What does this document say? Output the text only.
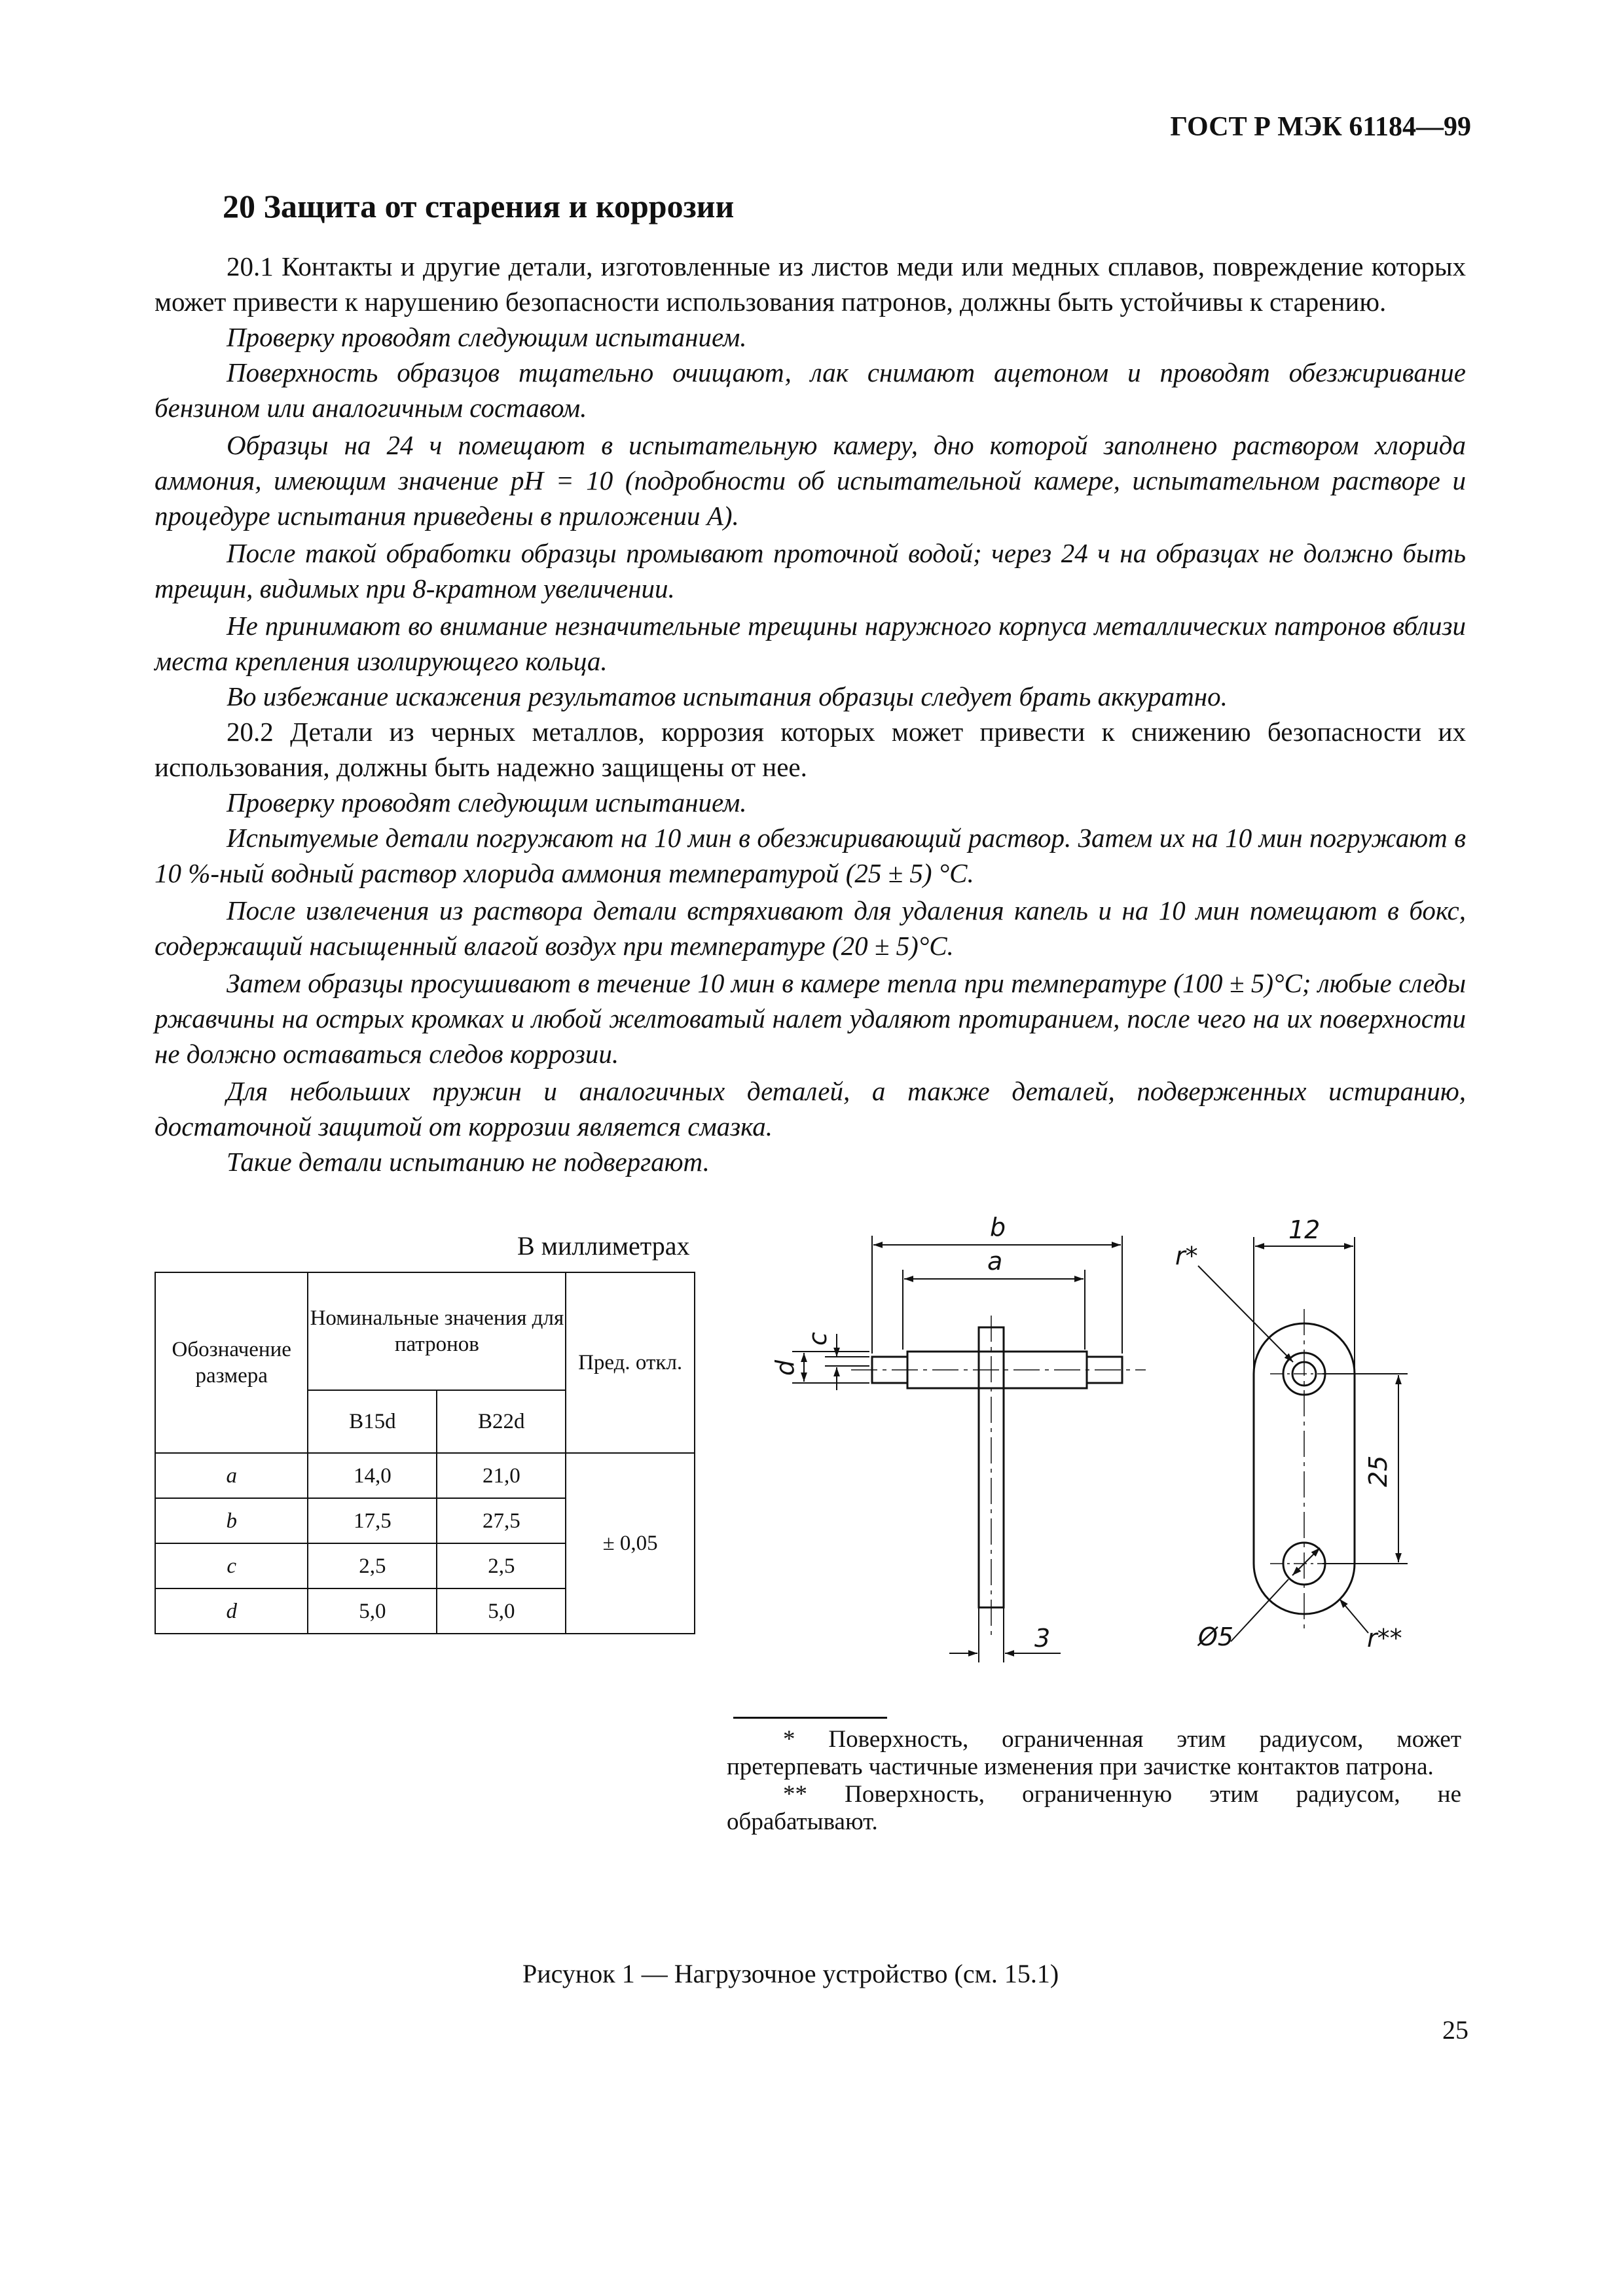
ГОСТ Р МЭК 61184—99
20 Защита от старения и коррозии

20.1 Контакты и другие детали, изготовленные из листов меди или медных сплавов, повреждение которых может привести к нарушению безопасности использования патронов, должны быть устойчивы к старению.

Проверку проводят следующим испытанием.

Поверхность образцов тщательно очищают, лак снимают ацетоном и проводят обезжиривание бензином или аналогичным составом.

Образцы на 24 ч помещают в испытательную камеру, дно которой заполнено раствором хлорида аммония, имеющим значение pH = 10 (подробности об испытательной камере, испытательном растворе и процедуре испытания приведены в приложении А).

После такой обработки образцы промывают проточной водой; через 24 ч на образцах не должно быть трещин, видимых при 8-кратном увеличении.

Не принимают во внимание незначительные трещины наружного корпуса металлических патронов вблизи места крепления изолирующего кольца.

Во избежание искажения результатов испытания образцы следует брать аккуратно.

20.2 Детали из черных металлов, коррозия которых может привести к снижению безопасности их использования, должны быть надежно защищены от нее.

Проверку проводят следующим испытанием.

Испытуемые детали погружают на 10 мин в обезжиривающий раствор. Затем их на 10 мин погружают в 10 %-ный водный раствор хлорида аммония температурой (25 ± 5) °С.

После извлечения из раствора детали встряхивают для удаления капель и на 10 мин помещают в бокс, содержащий насыщенный влагой воздух при температуре (20 ± 5)°С.

Затем образцы просушивают в течение 10 мин в камере тепла при температуре (100 ± 5)°С; любые следы ржавчины на острых кромках и любой желтоватый налет удаляют протиранием, после чего на их поверхности не должно оставаться следов коррозии.

Для небольших пружин и аналогичных деталей, а также деталей, подверженных истиранию, достаточной защитой от коррозии является смазка.

Такие детали испытанию не подвергают.

В миллиметрах
Обозначение размера	Номинальные значения для патронов		Пред. откл.
	B15d	B22d	
a	14,0	21,0	± 0,05
b	17,5	27,5	
c	2,5	2,5	
d	5,0	5,0	
b
a
c
d
3
r*
12
25
Ø5	r**

* Поверхность, ограниченная этим радиусом, может претерпевать частичные изменения при зачистке контактов патрона.

** Поверхность, ограниченную этим радиусом, не обрабатывают.

Рисунок 1 — Нагрузочное устройство (см. 15.1)
25
